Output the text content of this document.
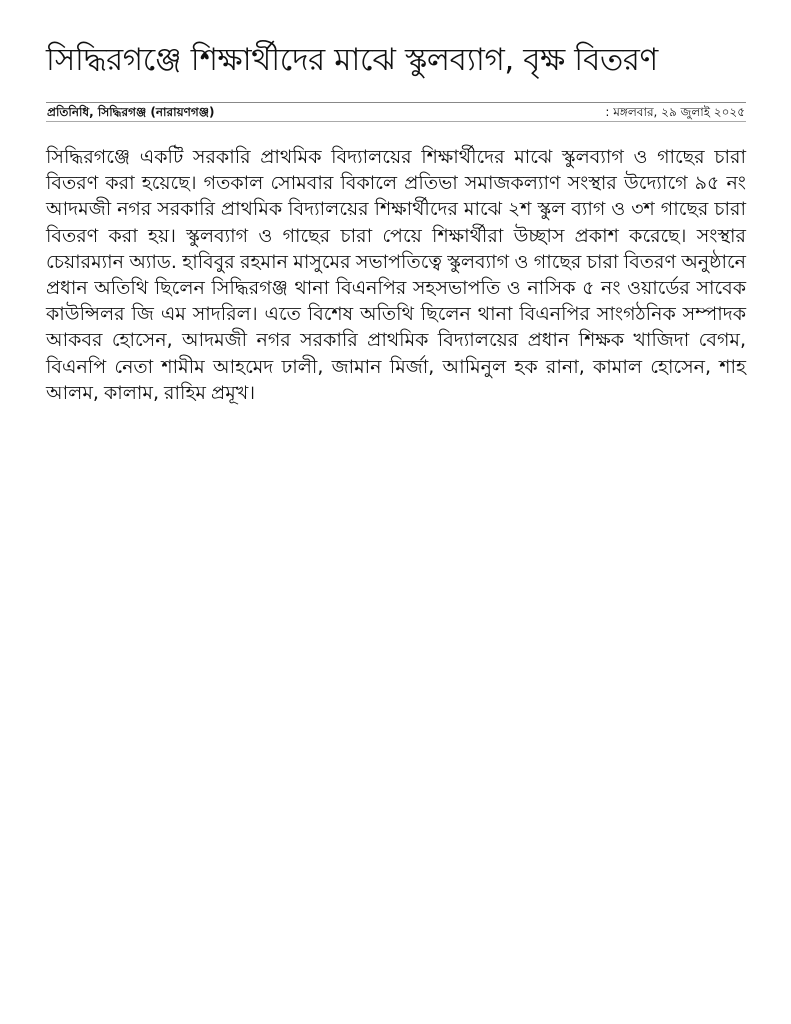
সিদ্ধিরগঞ্জে শিক্ষার্থীদের মাঝে স্কুলব্যাগ, বৃক্ষ বিতরণ
প্রতিনিধি, সিদ্ধিরগঞ্জ (নারায়ণগঞ্জ)	: মঙ্গলবার, ২৯ জুলাই ২০২৫

সিদ্ধিরগঞ্জে একটি সরকারি প্রাথমিক বিদ্যালয়ের শিক্ষার্থীদের মাঝে স্কুলব্যাগ ও গাছের চারা বিতরণ করা হয়েছে। গতকাল সোমবার বিকালে প্রতিভা সমাজকল্যাণ সংস্থার উদ্যোগে ৯৫ নং আদমজী নগর সরকারি প্রাথমিক বিদ্যালয়ের শিক্ষার্থীদের মাঝে ২শ স্কুল ব্যাগ ও ৩শ গাছের চারা বিতরণ করা হয়। স্কুলব্যাগ ও গাছের চারা পেয়ে শিক্ষার্থীরা উচ্ছাস প্রকাশ করেছে। সংস্থার চেয়ারম্যান অ্যাড. হাবিবুর রহমান মাসুমের সভাপতিত্বে স্কুলব্যাগ ও গাছের চারা বিতরণ অনুষ্ঠানে প্রধান অতিথি ছিলেন সিদ্ধিরগঞ্জ থানা বিএনপির সহসভাপতি ও নাসিক ৫ নং ওয়ার্ডের সাবেক কাউন্সিলর জি এম সাদরিল। এতে বিশেষ অতিথি ছিলেন থানা বিএনপির সাংগঠনিক সম্পাদক আকবর হোসেন, আদমজী নগর সরকারি প্রাথমিক বিদ্যালয়ের প্রধান শিক্ষক খাজিদা বেগম, বিএনপি নেতা শামীম আহমেদ ঢালী, জামান মির্জা, আমিনুল হক রানা, কামাল হোসেন, শাহ আলম, কালাম, রাহিম প্রমূখ।
